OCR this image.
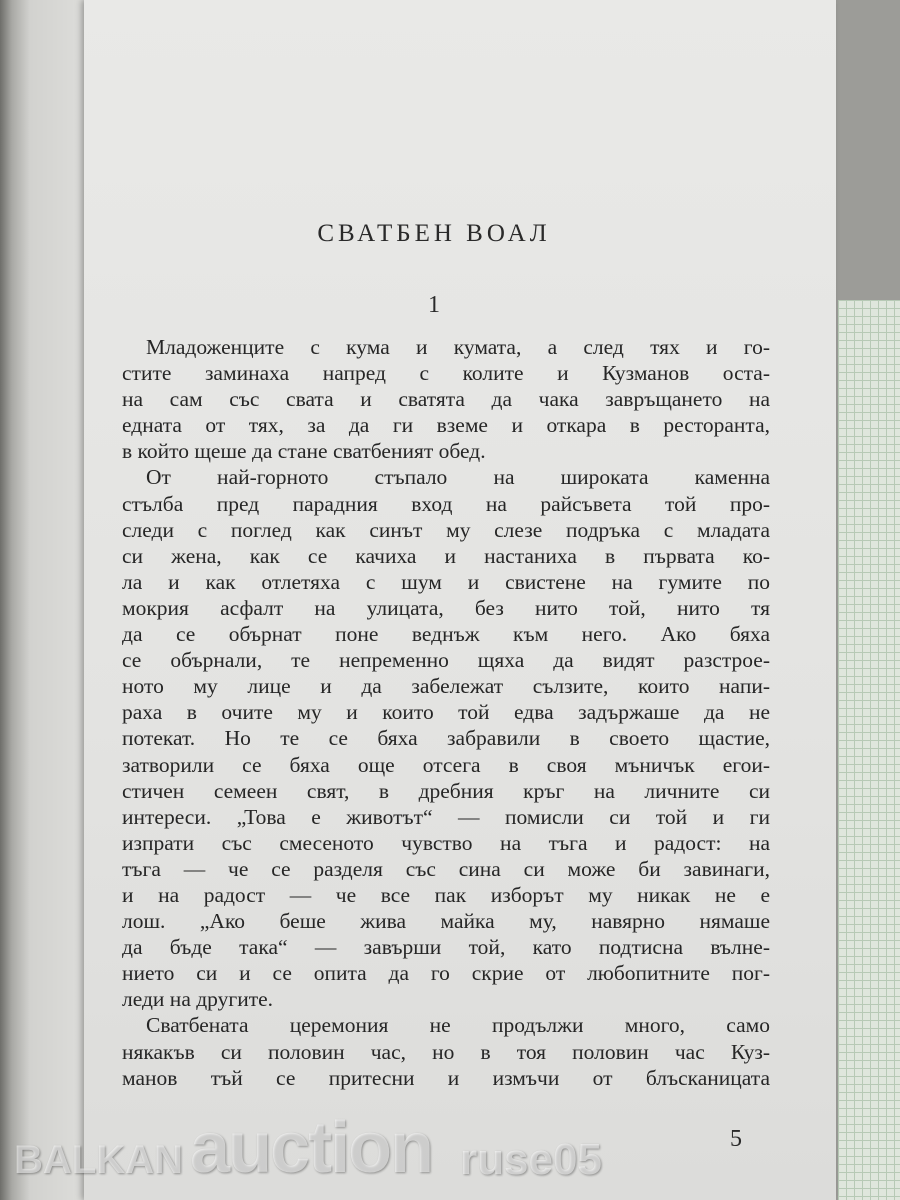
СВАТБЕН ВОАЛ
1
Младоженците с кума и кумата, а след тях и го-
стите заминаха напред с колите и Кузманов оста-
на сам със свата и сватята да чака завръщането на
едната от тях, за да ги вземе и откара в ресторанта,
в който щеше да стане сватбеният обед.
От най-горното стъпало на широката каменна
стълба пред парадния вход на райсъвета той про-
следи с поглед как синът му слезе подръка с младата
си жена, как се качиха и настаниха в първата ко-
ла и как отлетяха с шум и свистене на гумите по
мокрия асфалт на улицата, без нито той, нито тя
да се обърнат поне веднъж към него. Ако бяха
се обърнали, те непременно щяха да видят разстрое-
ното му лице и да забележат сълзите, които напи-
раха в очите му и които той едва задържаше да не
потекат. Но те се бяха забравили в своето щастие,
затворили се бяха още отсега в своя мъничък егои-
стичен семеен свят, в дребния кръг на личните си
интереси. „Това е животът“ — помисли си той и ги
изпрати със смесеното чувство на тъга и радост: на
тъга — че се разделя със сина си може би завинаги,
и на радост — че все пак изборът му никак не е
лош. „Ако беше жива майка му, навярно нямаше
да бъде така“ — завърши той, като подтисна вълне-
нието си и се опита да го скрие от любопитните пог-
леди на другите.
Сватбената церемония не продължи много, само
някакъв си половин час, но в тоя половин час Куз-
манов тъй се притесни и измъчи от блъсканицата
5
BALKAN auction ruse05
